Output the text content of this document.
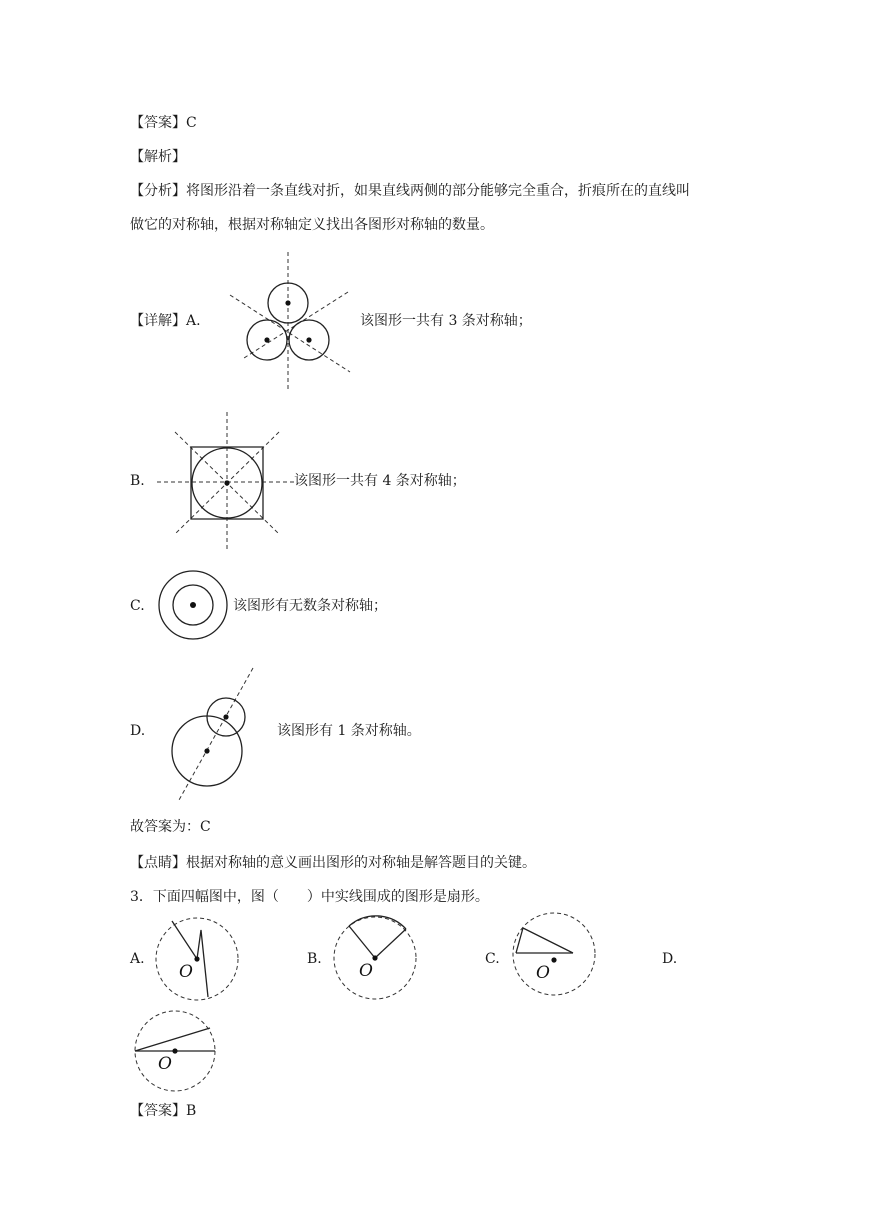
【答案】C
【解析】
【分析】将图形沿着一条直线对折，如果直线两侧的部分能够完全重合，折痕所在的直线叫
做它的对称轴，根据对称轴定义找出各图形对称轴的数量。
【详解】A.	该图形一共有 3 条对称轴；
B.	该图形一共有 4 条对称轴；
C.	该图形有无数条对称轴；
D.	该图形有 1 条对称轴。
故答案为：C
【点睛】根据对称轴的意义画出图形的对称轴是解答题目的关键。
3．下面四幅图中，图（　　）中实线围成的图形是扇形。
A.
O
B.
O
C.
O
D.
O
【答案】B
